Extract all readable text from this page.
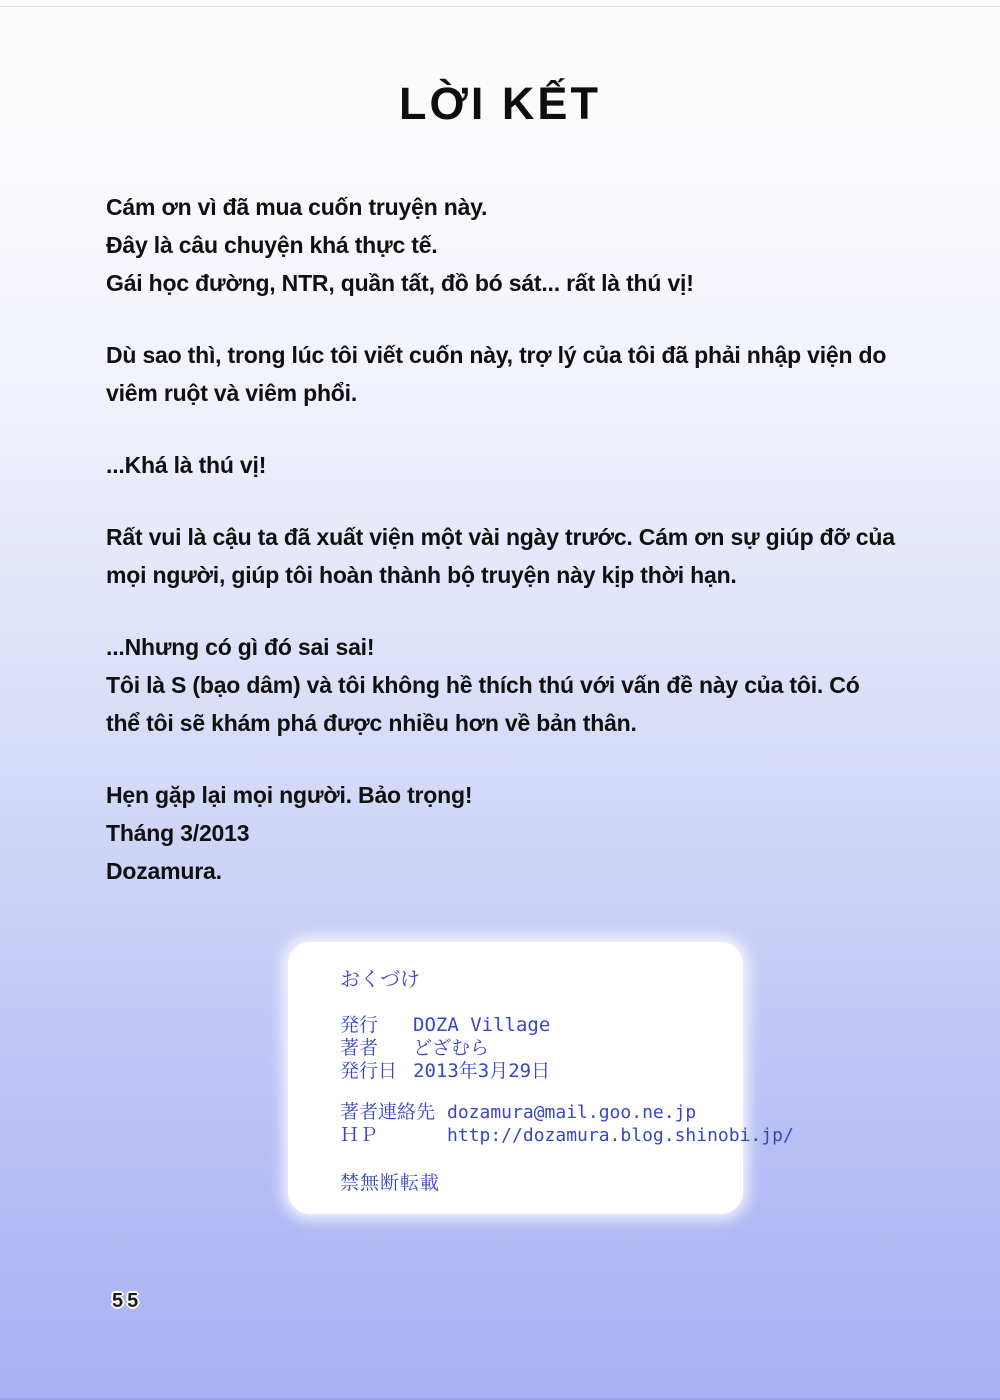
LỜI KẾT
Cám ơn vì đã mua cuốn truyện này.
Đây là câu chuyện khá thực tế.
Gái học đường, NTR, quần tất, đồ bó sát... rất là thú vị!
Dù sao thì, trong lúc tôi viết cuốn này, trợ lý của tôi đã phải nhập viện do
viêm ruột và viêm phổi.
...Khá là thú vị!
Rất vui là cậu ta đã xuất viện một vài ngày trước. Cám ơn sự giúp đỡ của
mọi người, giúp tôi hoàn thành bộ truyện này kịp thời hạn.
...Nhưng có gì đó sai sai!
Tôi là S (bạo dâm) và tôi không hề thích thú với vấn đề này của tôi. Có
thể tôi sẽ khám phá được nhiều hơn về bản thân.
Hẹn gặp lại mọi người. Bảo trọng!
Tháng 3/2013
Dozamura.
おくづけ
発行	DOZA Village
著者	どざむら
発行日 2013年3月29日
著者連絡先 dozamura@mail.goo.ne.jp
ＨＰ	http://dozamura.blog.shinobi.jp/
禁無断転載
55
